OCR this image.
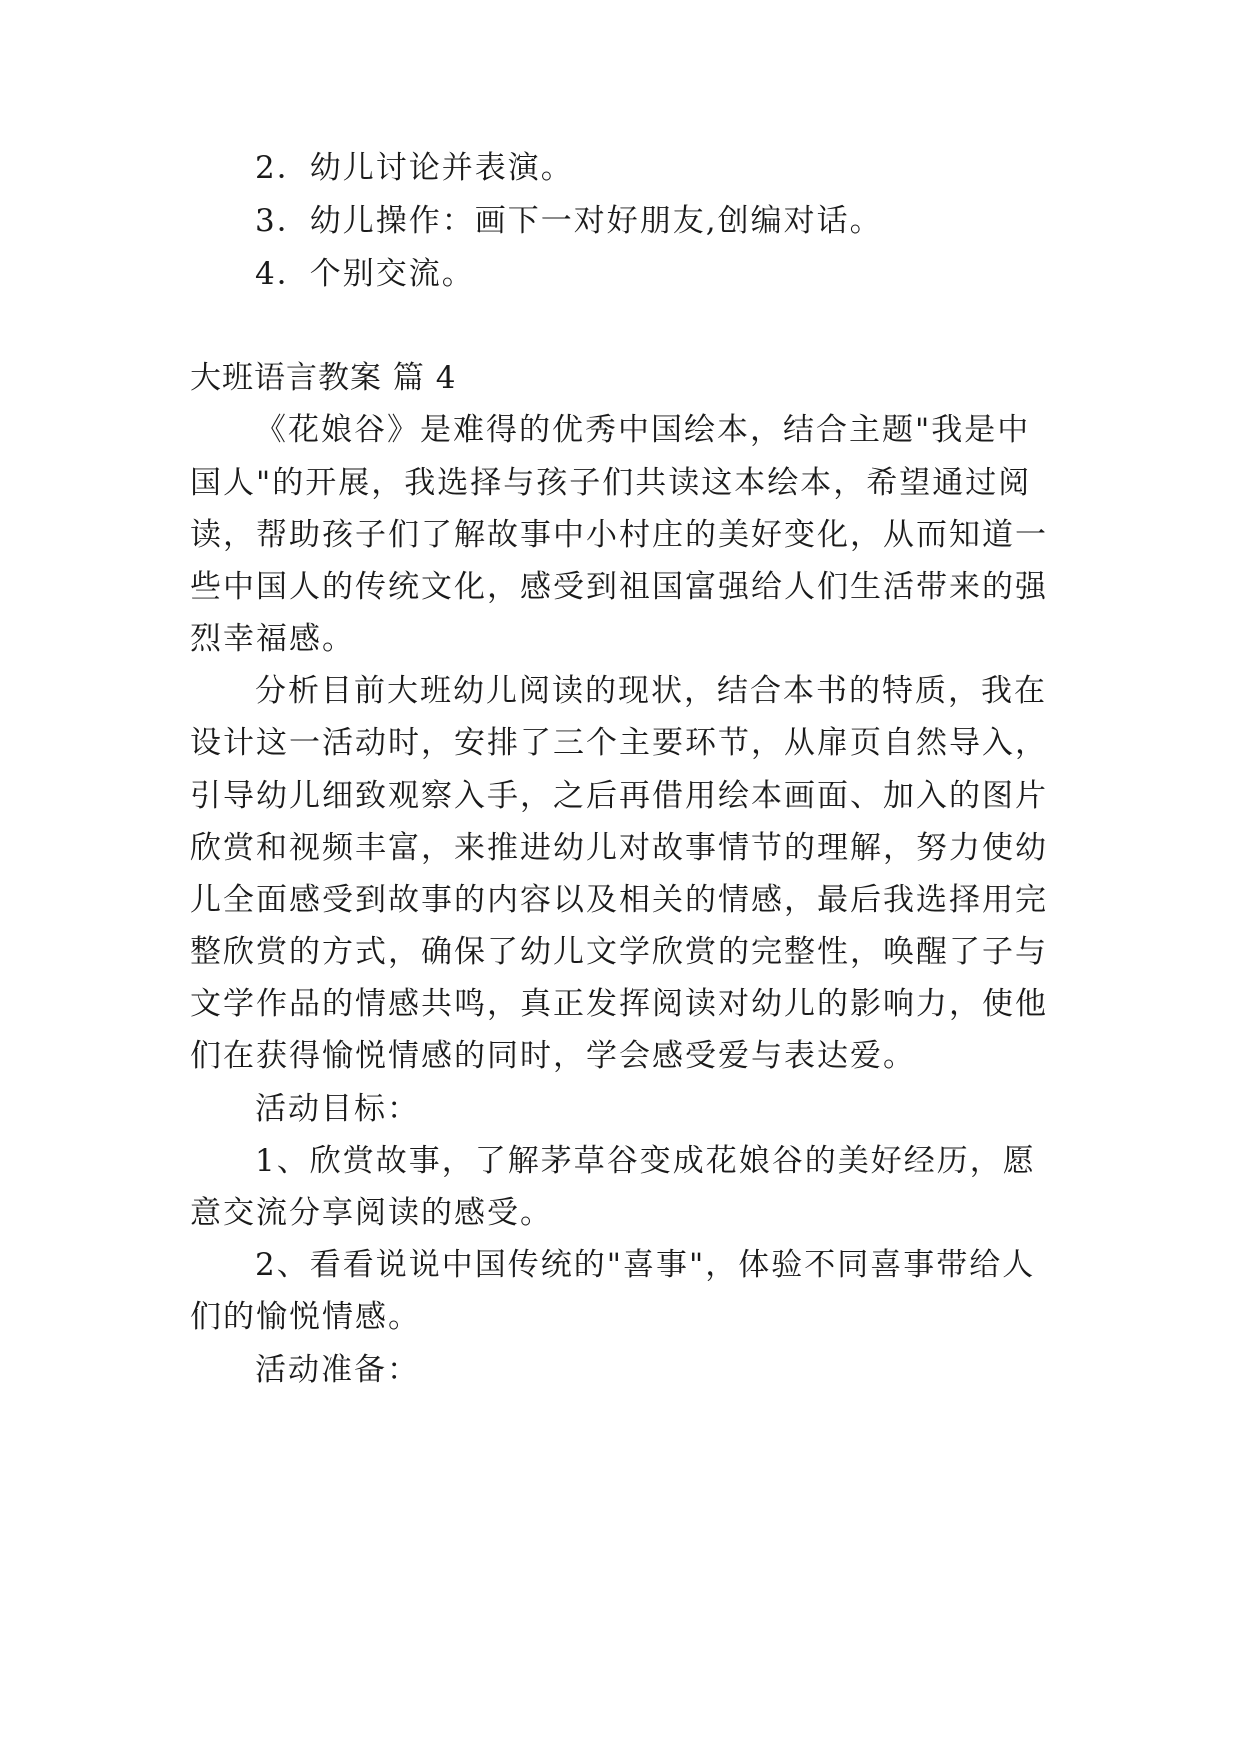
2．幼儿讨论并表演。
3．幼儿操作：画下一对好朋友,创编对话。
4．个别交流。
大班语言教案 篇 4
《花娘谷》是难得的优秀中国绘本，结合主题"我是中
国人"的开展，我选择与孩子们共读这本绘本，希望通过阅
读，帮助孩子们了解故事中小村庄的美好变化，从而知道一
些中国人的传统文化，感受到祖国富强给人们生活带来的强
烈幸福感。
分析目前大班幼儿阅读的现状，结合本书的特质，我在
设计这一活动时，安排了三个主要环节，从扉页自然导入，
引导幼儿细致观察入手，之后再借用绘本画面、加入的图片
欣赏和视频丰富，来推进幼儿对故事情节的理解，努力使幼
儿全面感受到故事的内容以及相关的情感，最后我选择用完
整欣赏的方式，确保了幼儿文学欣赏的完整性，唤醒了子与
文学作品的情感共鸣，真正发挥阅读对幼儿的影响力，使他
们在获得愉悦情感的同时，学会感受爱与表达爱。
活动目标：
1、欣赏故事，了解茅草谷变成花娘谷的美好经历，愿
意交流分享阅读的感受。
2、看看说说中国传统的"喜事"，体验不同喜事带给人
们的愉悦情感。
活动准备：
